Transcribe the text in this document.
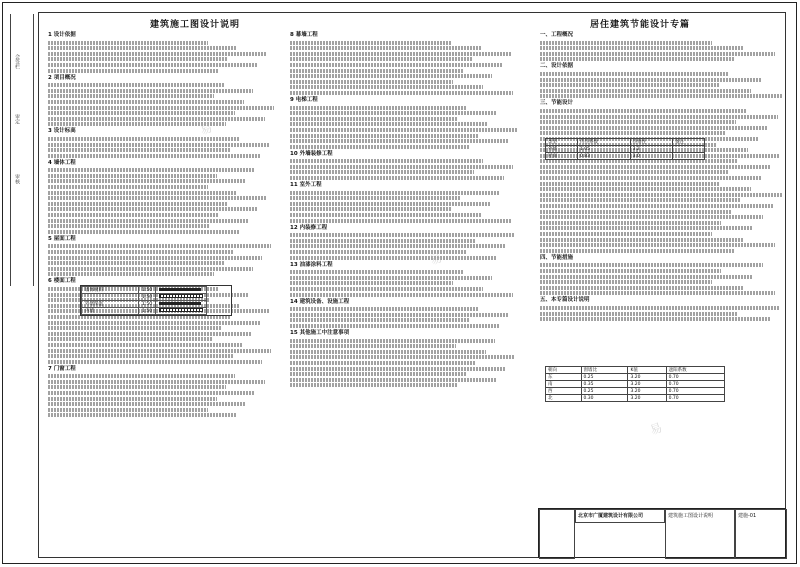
会签栏
审定
审核
建筑施工图设计说明	居住建筑节能设计专篇
1 设计依据
2 项目概况
3 设计标高
4 墙体工程
5 屋面工程
6 楼面工程
7 门窗工程
8 幕墙工程
9 电梯工程
10 外墙装修工程
11 室外工程
12 内装修工程
13 油漆涂料工程
14 建筑设备、设施工程
15 其他施工中注意事项
一、工程概况
二、设计依据
三、节能设计
四、节能措施
五、本专篇设计说明
墙体材料	1:50	
	1:50	
外墙保温	1:50	
内墙	1:50	
类型	传热系数	热惰性	备注
外墙	1.05	3.2	
屋面	0.83	3.0	
朝向	窗墙比	K值	遮阳系数
东	0.25	3.20	0.70
南	0.35	3.20	0.70
西	0.25	3.20	0.70
北	0.30	3.20	0.70
北京市广厦建筑设计有限公司	建筑施工图设计说明	建施-01
易
易
易
